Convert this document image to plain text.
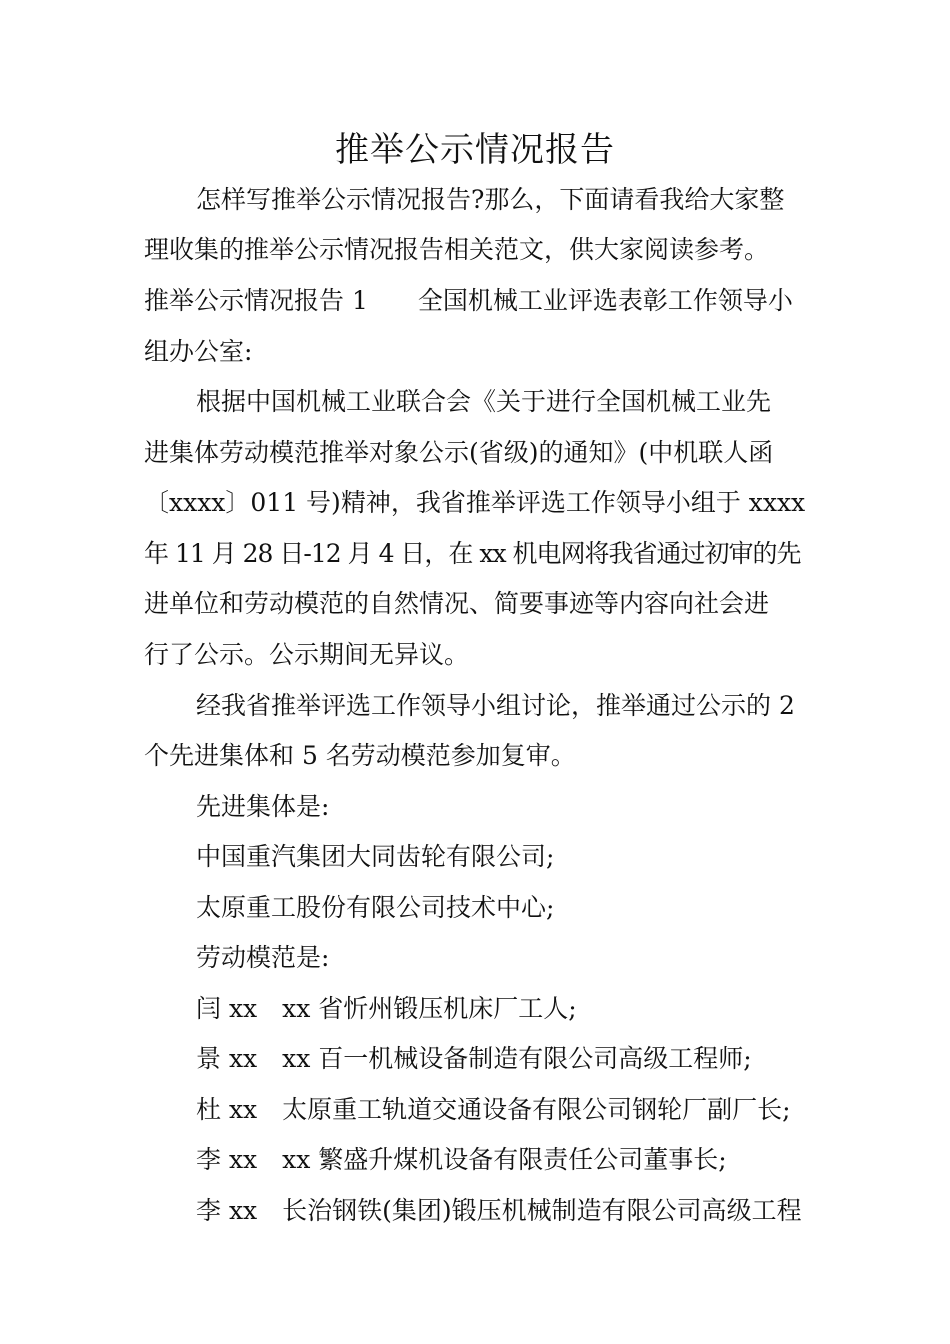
推举公示情况报告
怎样写推举公示情况报告?那么，下面请看我给大家整
理收集的推举公示情况报告相关范文，供大家阅读参考。
推举公示情况报告 1　　全国机械工业评选表彰工作领导小
组办公室:
根据中国机械工业联合会《关于进行全国机械工业先
进集体劳动模范推举对象公示(省级)的通知》(中机联人函
〔xxxx〕011 号)精神，我省推举评选工作领导小组于 xxxx
年 11 月 28 日-12 月 4 日，在 xx 机电网将我省通过初审的先
进单位和劳动模范的自然情况、简要事迹等内容向社会进
行了公示。公示期间无异议。
经我省推举评选工作领导小组讨论，推举通过公示的 2
个先进集体和 5 名劳动模范参加复审。
先进集体是:
中国重汽集团大同齿轮有限公司;
太原重工股份有限公司技术中心;
劳动模范是:
闫 xx　xx 省忻州锻压机床厂工人;
景 xx　xx 百一机械设备制造有限公司高级工程师;
杜 xx　太原重工轨道交通设备有限公司钢轮厂副厂长;
李 xx　xx 繁盛升煤机设备有限责任公司董事长;
李 xx　长治钢铁(集团)锻压机械制造有限公司高级工程
